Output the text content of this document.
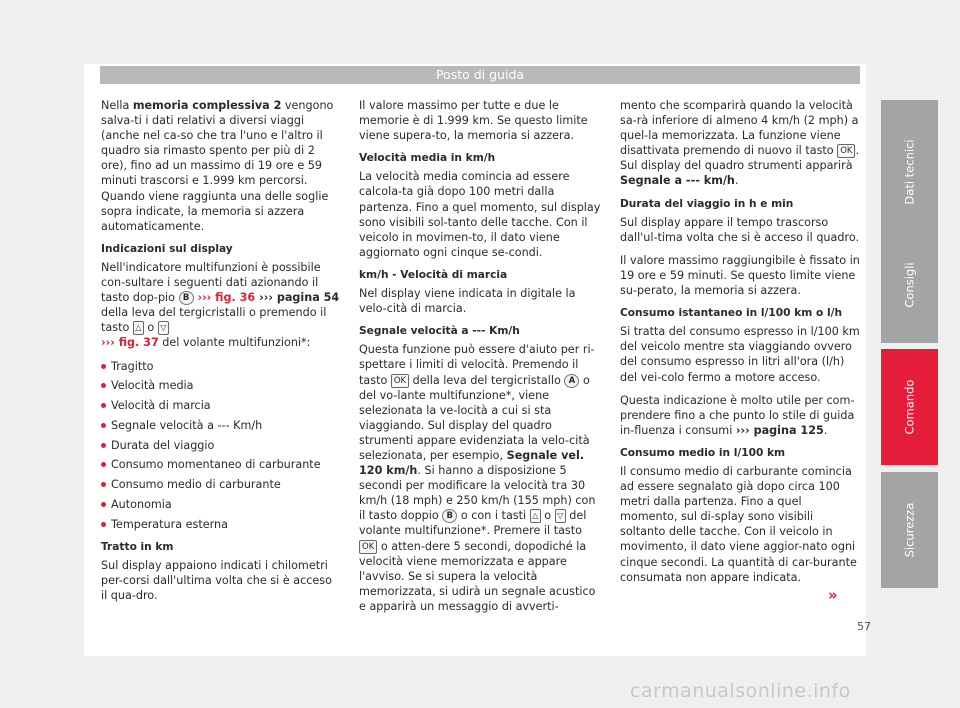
Posto di guida

Nella memoria complessiva 2 vengono salva-ti i dati relativi a diversi viaggi (anche nel ca-so che tra l'uno e l'altro il quadro sia rimasto spento per più di 2 ore), fino ad un massimo di 19 ore e 59 minuti trascorsi e 1.999 km percorsi. Quando viene raggiunta una delle soglie sopra indicate, la memoria si azzera automaticamente.

Indicazioni sul display

Nell'indicatore multifunzioni è possibile con-sultare i seguenti dati azionando il tasto dop-pio B ››› fig. 36 ››› pagina 54 della leva del tergicristalli o premendo il tasto △ o ▽
››› fig. 37 del volante multifunzioni*:

Tragitto
Velocità media
Velocità di marcia
Segnale velocità a --- Km/h
Durata del viaggio
Consumo momentaneo di carburante
Consumo medio di carburante
Autonomia
Temperatura esterna

Tratto in km

Sul display appaiono indicati i chilometri per-corsi dall'ultima volta che si è acceso il qua-dro.

Il valore massimo per tutte e due le memorie è di 1.999 km. Se questo limite viene supera-to, la memoria si azzera.

Velocità media in km/h

La velocità media comincia ad essere calcola-ta già dopo 100 metri dalla partenza. Fino a quel momento, sul display sono visibili sol-tanto delle tacche. Con il veicolo in movimen-to, il dato viene aggiornato ogni cinque se-condi.

km/h - Velocità di marcia

Nel display viene indicata in digitale la velo-cità di marcia.

Segnale velocità a --- Km/h

Questa funzione può essere d'aiuto per ri-spettare i limiti di velocità. Premendo il tasto OK della leva del tergicristallo A o del vo-lante multifunzione*, viene selezionata la ve-locità a cui si sta viaggiando. Sul display del quadro strumenti appare evidenziata la velo-cità selezionata, per esempio, Segnale vel. 120 km/h. Si hanno a disposizione 5 secondi per modificare la velocità tra 30 km/h (18 mph) e 250 km/h (155 mph) con il tasto doppio B o con i tasti △ o ▽ del volante multifunzione*. Premere il tasto OK o atten-dere 5 secondi, dopodiché la velocità viene memorizzata e appare l'avviso. Se si supera la velocità memorizzata, si udirà un segnale acustico e apparirà un messaggio di avverti-

mento che scomparirà quando la velocità sa-rà inferiore di almeno 4 km/h (2 mph) a quel-la memorizzata. La funzione viene disattivata premendo di nuovo il tasto OK . Sul display del quadro strumenti apparirà Segnale a --- km/h.

Durata del viaggio in h e min

Sul display appare il tempo trascorso dall'ul-tima volta che si è acceso il quadro.

Il valore massimo raggiungibile è fissato in 19 ore e 59 minuti. Se questo limite viene su-perato, la memoria si azzera.

Consumo istantaneo in l/100 km o l/h

Si tratta del consumo espresso in l/100 km del veicolo mentre sta viaggiando ovvero del consumo espresso in litri all'ora (l/h) del vei-colo fermo a motore acceso.

Questa indicazione è molto utile per com-prendere fino a che punto lo stile di guida in-fluenza i consumi ››› pagina 125.

Consumo medio in l/100 km

Il consumo medio di carburante comincia ad essere segnalato già dopo circa 100 metri dalla partenza. Fino a quel momento, sul di-splay sono visibili soltanto delle tacche. Con il veicolo in movimento, il dato viene aggior-nato ogni cinque secondi. La quantità di car-burante consumata non appare indicata.

Dati tecnici
Consigli
Comando
Sicurezza
»
57
carmanualsonline.info
